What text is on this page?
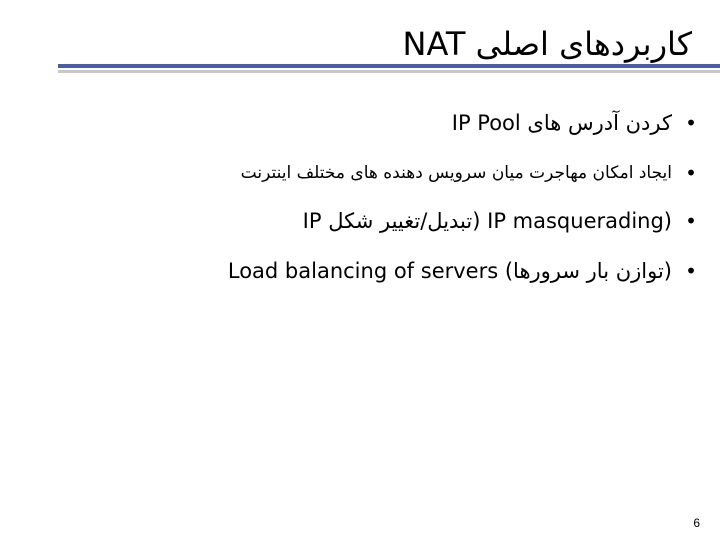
کاربردهای اصلی NAT
•
کردن آدرس های IP Pool
•
ایجاد امکان مهاجرت میان سرویس دهنده های مختلف اینترنت
•
(IP masquerading (تبدیل/تغییر شکل IP
•
(توازن بار سرورها) Load balancing of servers
6
